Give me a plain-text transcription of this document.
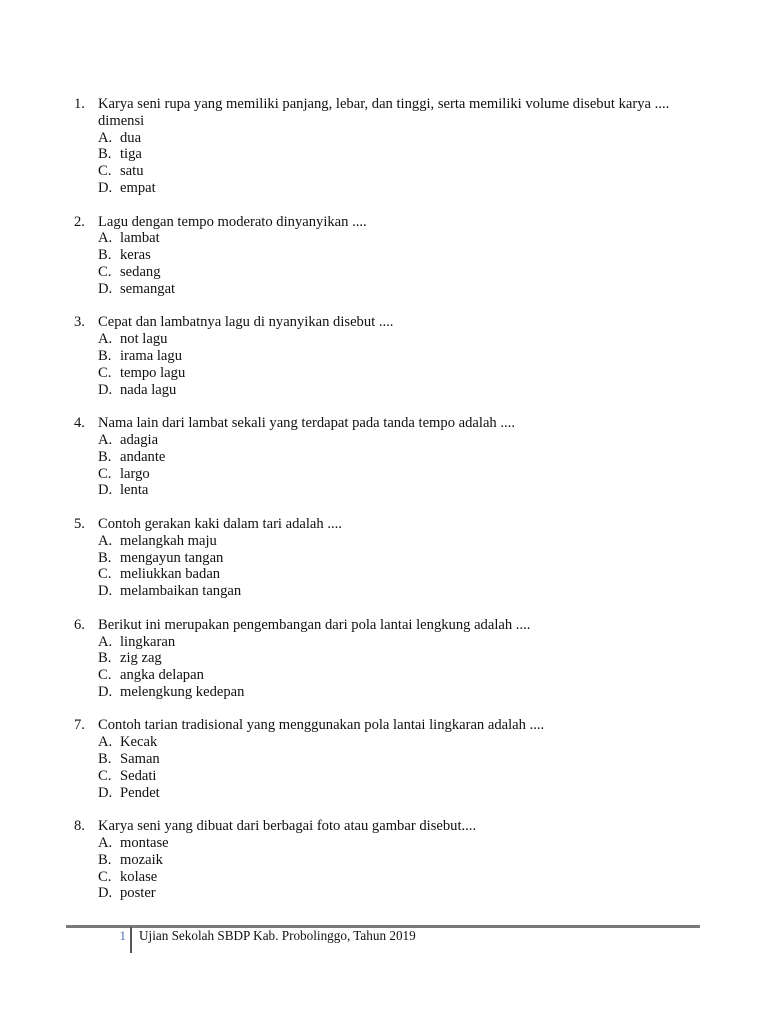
1. Karya seni rupa yang memiliki panjang, lebar, dan tinggi, serta memiliki volume disebut karya .... dimensi
A. dua
B. tiga
C. satu
D. empat
2. Lagu dengan tempo moderato dinyanyikan ....
A. lambat
B. keras
C. sedang
D. semangat
3. Cepat dan lambatnya lagu di nyanyikan disebut ....
A. not lagu
B. irama lagu
C. tempo lagu
D. nada lagu
4. Nama lain dari lambat sekali yang terdapat pada tanda tempo adalah ....
A. adagia
B. andante
C. largo
D. lenta
5. Contoh gerakan kaki dalam tari adalah ....
A. melangkah maju
B. mengayun tangan
C. meliukkan badan
D. melambaikan tangan
6. Berikut ini merupakan pengembangan dari pola lantai lengkung adalah ....
A. lingkaran
B. zig zag
C. angka delapan
D. melengkung kedepan
7. Contoh tarian tradisional yang menggunakan pola lantai lingkaran adalah ....
A. Kecak
B. Saman
C. Sedati
D. Pendet
8. Karya seni yang dibuat dari berbagai foto atau gambar disebut....
A. montase
B. mozaik
C. kolase
D. poster
1 Ujian Sekolah SBDP Kab. Probolinggo, Tahun 2019
